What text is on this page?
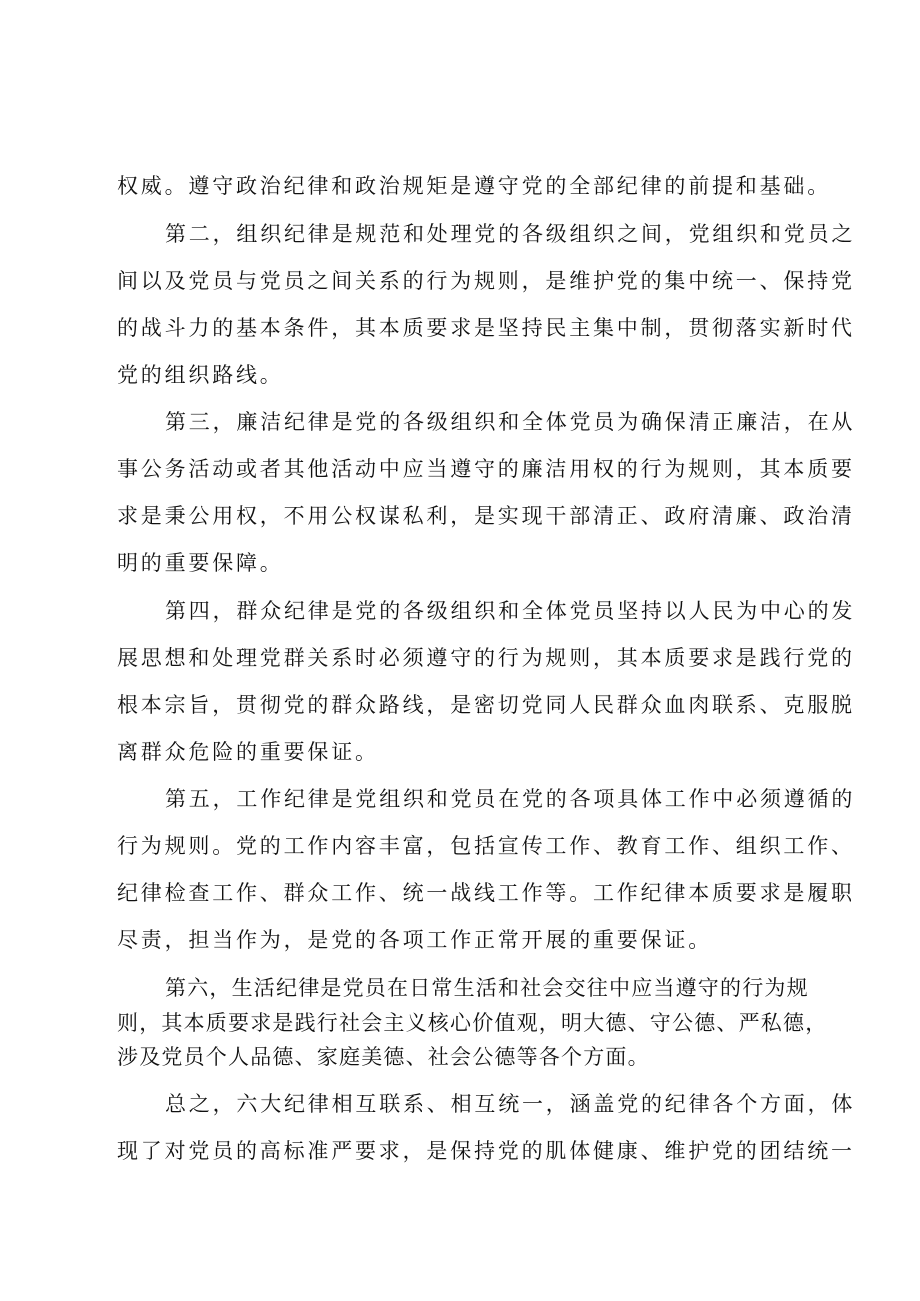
权威。遵守政治纪律和政治规矩是遵守党的全部纪律的前提和基础。
第二，组织纪律是规范和处理党的各级组织之间，党组织和党员之
间以及党员与党员之间关系的行为规则，是维护党的集中统一、保持党
的战斗力的基本条件，其本质要求是坚持民主集中制，贯彻落实新时代
党的组织路线。
第三，廉洁纪律是党的各级组织和全体党员为确保清正廉洁，在从
事公务活动或者其他活动中应当遵守的廉洁用权的行为规则，其本质要
求是秉公用权，不用公权谋私利，是实现干部清正、政府清廉、政治清
明的重要保障。
第四，群众纪律是党的各级组织和全体党员坚持以人民为中心的发
展思想和处理党群关系时必须遵守的行为规则，其本质要求是践行党的
根本宗旨，贯彻党的群众路线，是密切党同人民群众血肉联系、克服脱
离群众危险的重要保证。
第五，工作纪律是党组织和党员在党的各项具体工作中必须遵循的
行为规则。党的工作内容丰富，包括宣传工作、教育工作、组织工作、
纪律检查工作、群众工作、统一战线工作等。工作纪律本质要求是履职
尽责，担当作为，是党的各项工作正常开展的重要保证。
第六，生活纪律是党员在日常生活和社会交往中应当遵守的行为规
则，其本质要求是践行社会主义核心价值观，明大德、守公德、严私德，
涉及党员个人品德、家庭美德、社会公德等各个方面。
总之，六大纪律相互联系、相互统一，涵盖党的纪律各个方面，体
现了对党员的高标准严要求，是保持党的肌体健康、维护党的团结统一
